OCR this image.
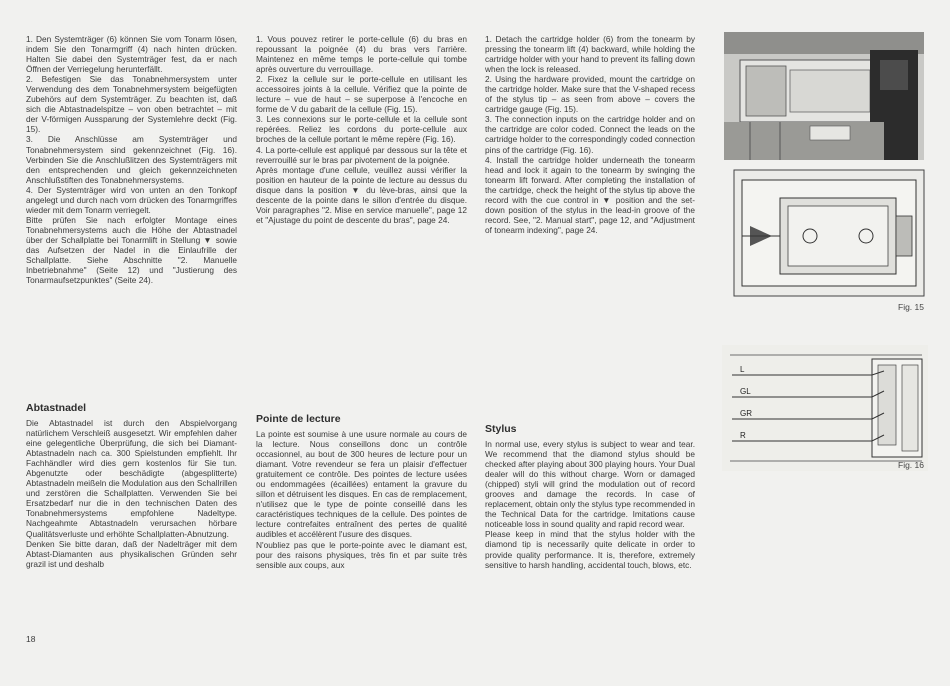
1. Den Systemträger (6) können Sie vom Tonarm lösen, indem Sie den Tonarmgriff (4) nach hinten drücken. Halten Sie dabei den Systemträger fest, da er nach Öffnen der Verriegelung herunterfällt.

2. Befestigen Sie das Tonabnehmersystem unter Verwendung des dem Tonabnehmersystem beigefügten Zubehörs auf dem Systemträger. Zu beachten ist, daß sich die Abtastnadelspitze – von oben betrachtet – mit der V-förmigen Aussparung der Systemlehre deckt (Fig. 15).

3. Die Anschlüsse am Systemträger und Tonabnehmersystem sind gekennzeichnet (Fig. 16). Verbinden Sie die Anschlußlitzen des Systemträgers mit den entsprechenden und gleich gekennzeichneten Anschlußstiften des Tonabnehmersystems.

4. Der Systemträger wird von unten an den Tonkopf angelegt und durch nach vorn drücken des Tonarmgriffes wieder mit dem Tonarm verriegelt.

Bitte prüfen Sie nach erfolgter Montage eines Tonabnehmersystems auch die Höhe der Abtastnadel über der Schallplatte bei Tonarmlift in Stellung ▼ sowie das Aufsetzen der Nadel in die Einlaufrille der Schallplatte. Siehe Abschnitte "2. Manuelle Inbetriebnahme" (Seite 12) und "Justierung des Tonarmaufsetzpunktes" (Seite 24).

Abtastnadel

Die Abtastnadel ist durch den Abspielvorgang natürlichem Verschleiß ausgesetzt. Wir empfehlen daher eine gelegentliche Überprüfung, die sich bei Diamant-Abtastnadeln nach ca. 300 Spielstunden empfiehlt. Ihr Fachhändler wird dies gern kostenlos für Sie tun. Abgenutzte oder beschädigte (abgesplitterte) Abtastnadeln meißeln die Modulation aus den Schallrillen und zerstören die Schallplatten. Verwenden Sie bei Ersatzbedarf nur die in den technischen Daten des Tonabnehmersystems empfohlene Nadeltype. Nachgeahmte Abtastnadeln verursachen hörbare Qualitätsverluste und erhöhte Schallplatten-Abnutzung.

Denken Sie bitte daran, daß der Nadelträger mit dem Abtast-Diamanten aus physikalischen Gründen sehr grazil ist und deshalb

1. Vous pouvez retirer le porte-cellule (6) du bras en repoussant la poignée (4) du bras vers l'arrière. Maintenez en même temps le porte-cellule qui tombe après ouverture du verrouillage.

2. Fixez la cellule sur le porte-cellule en utilisant les accessoires joints à la cellule. Vérifiez que la pointe de lecture – vue de haut – se superpose à l'encoche en forme de V du gabarit de la cellule (Fig. 15).

3. Les connexions sur le porte-cellule et la cellule sont repérées. Reliez les cordons du porte-cellule aux broches de la cellule portant le même repère (Fig. 16).

4. La porte-cellule est appliqué par dessous sur la tête et reverrouillé sur le bras par pivotement de la poignée.

Après montage d'une cellule, veuillez aussi vérifier la position en hauteur de la pointe de lecture au dessus du disque dans la position ▼ du lève-bras, ainsi que la descente de la pointe dans le sillon d'entrée du disque. Voir paragraphes "2. Mise en service manuelle", page 12 et "Ajustage du point de descente du bras", page 24.

Pointe de lecture

La pointe est soumise à une usure normale au cours de la lecture. Nous conseillons donc un contrôle occasionnel, au bout de 300 heures de lecture pour un diamant. Votre revendeur se fera un plaisir d'effectuer gratuitement ce contrôle. Des pointes de lecture usées ou endommagées (écaillées) entament la gravure du sillon et détruisent les disques. En cas de remplacement, n'utilisez que le type de pointe conseillé dans les caractéristiques techniques de la cellule. Des pointes de lecture contrefaites entraînent des pertes de qualité audibles et accélèrent l'usure des disques.

N'oubliez pas que le porte-pointe avec le diamant est, pour des raisons physiques, très fin et par suite très sensible aux coups, aux

1. Detach the cartridge holder (6) from the tonearm by pressing the tonearm lift (4) backward, while holding the cartridge holder with your hand to prevent its falling down when the lock is released.

2. Using the hardware provided, mount the cartridge on the cartridge holder. Make sure that the V-shaped recess of the stylus tip – as seen from above – covers the cartridge gauge (Fig. 15).

3. The connection inputs on the cartridge holder and on the cartridge are color coded. Connect the leads on the cartridge holder to the correspondingly coded connection pins of the cartridge (Fig. 16).

4. Install the cartridge holder underneath the tonearm head and lock it again to the tonearm by swinging the tonearm lift forward. After completing the installation of the cartridge, check the height of the stylus tip above the record with the cue control in ▼ position and the set-down position of the stylus in the lead-in groove of the record. See, "2. Manual start", page 12, and "Adjustment of tonearm indexing", page 24.

Stylus

In normal use, every stylus is subject to wear and tear. We recommend that the diamond stylus should be checked after playing about 300 playing hours. Your Dual dealer will do this without charge. Worn or damaged (chipped) styli will grind the modulation out of record grooves and damage the records. In case of replacement, obtain only the stylus type recommended in the Technical Data for the cartridge. Imitations cause noticeable loss in sound quality and rapid record wear.

Please keep in mind that the stylus holder with the diamond tip is necessarily quite delicate in order to provide quality performance. It is, therefore, extremely sensitive to harsh handling, accidental touch, blows, etc.

Fig. 15
L
GL
GR
R
Fig. 16
18
